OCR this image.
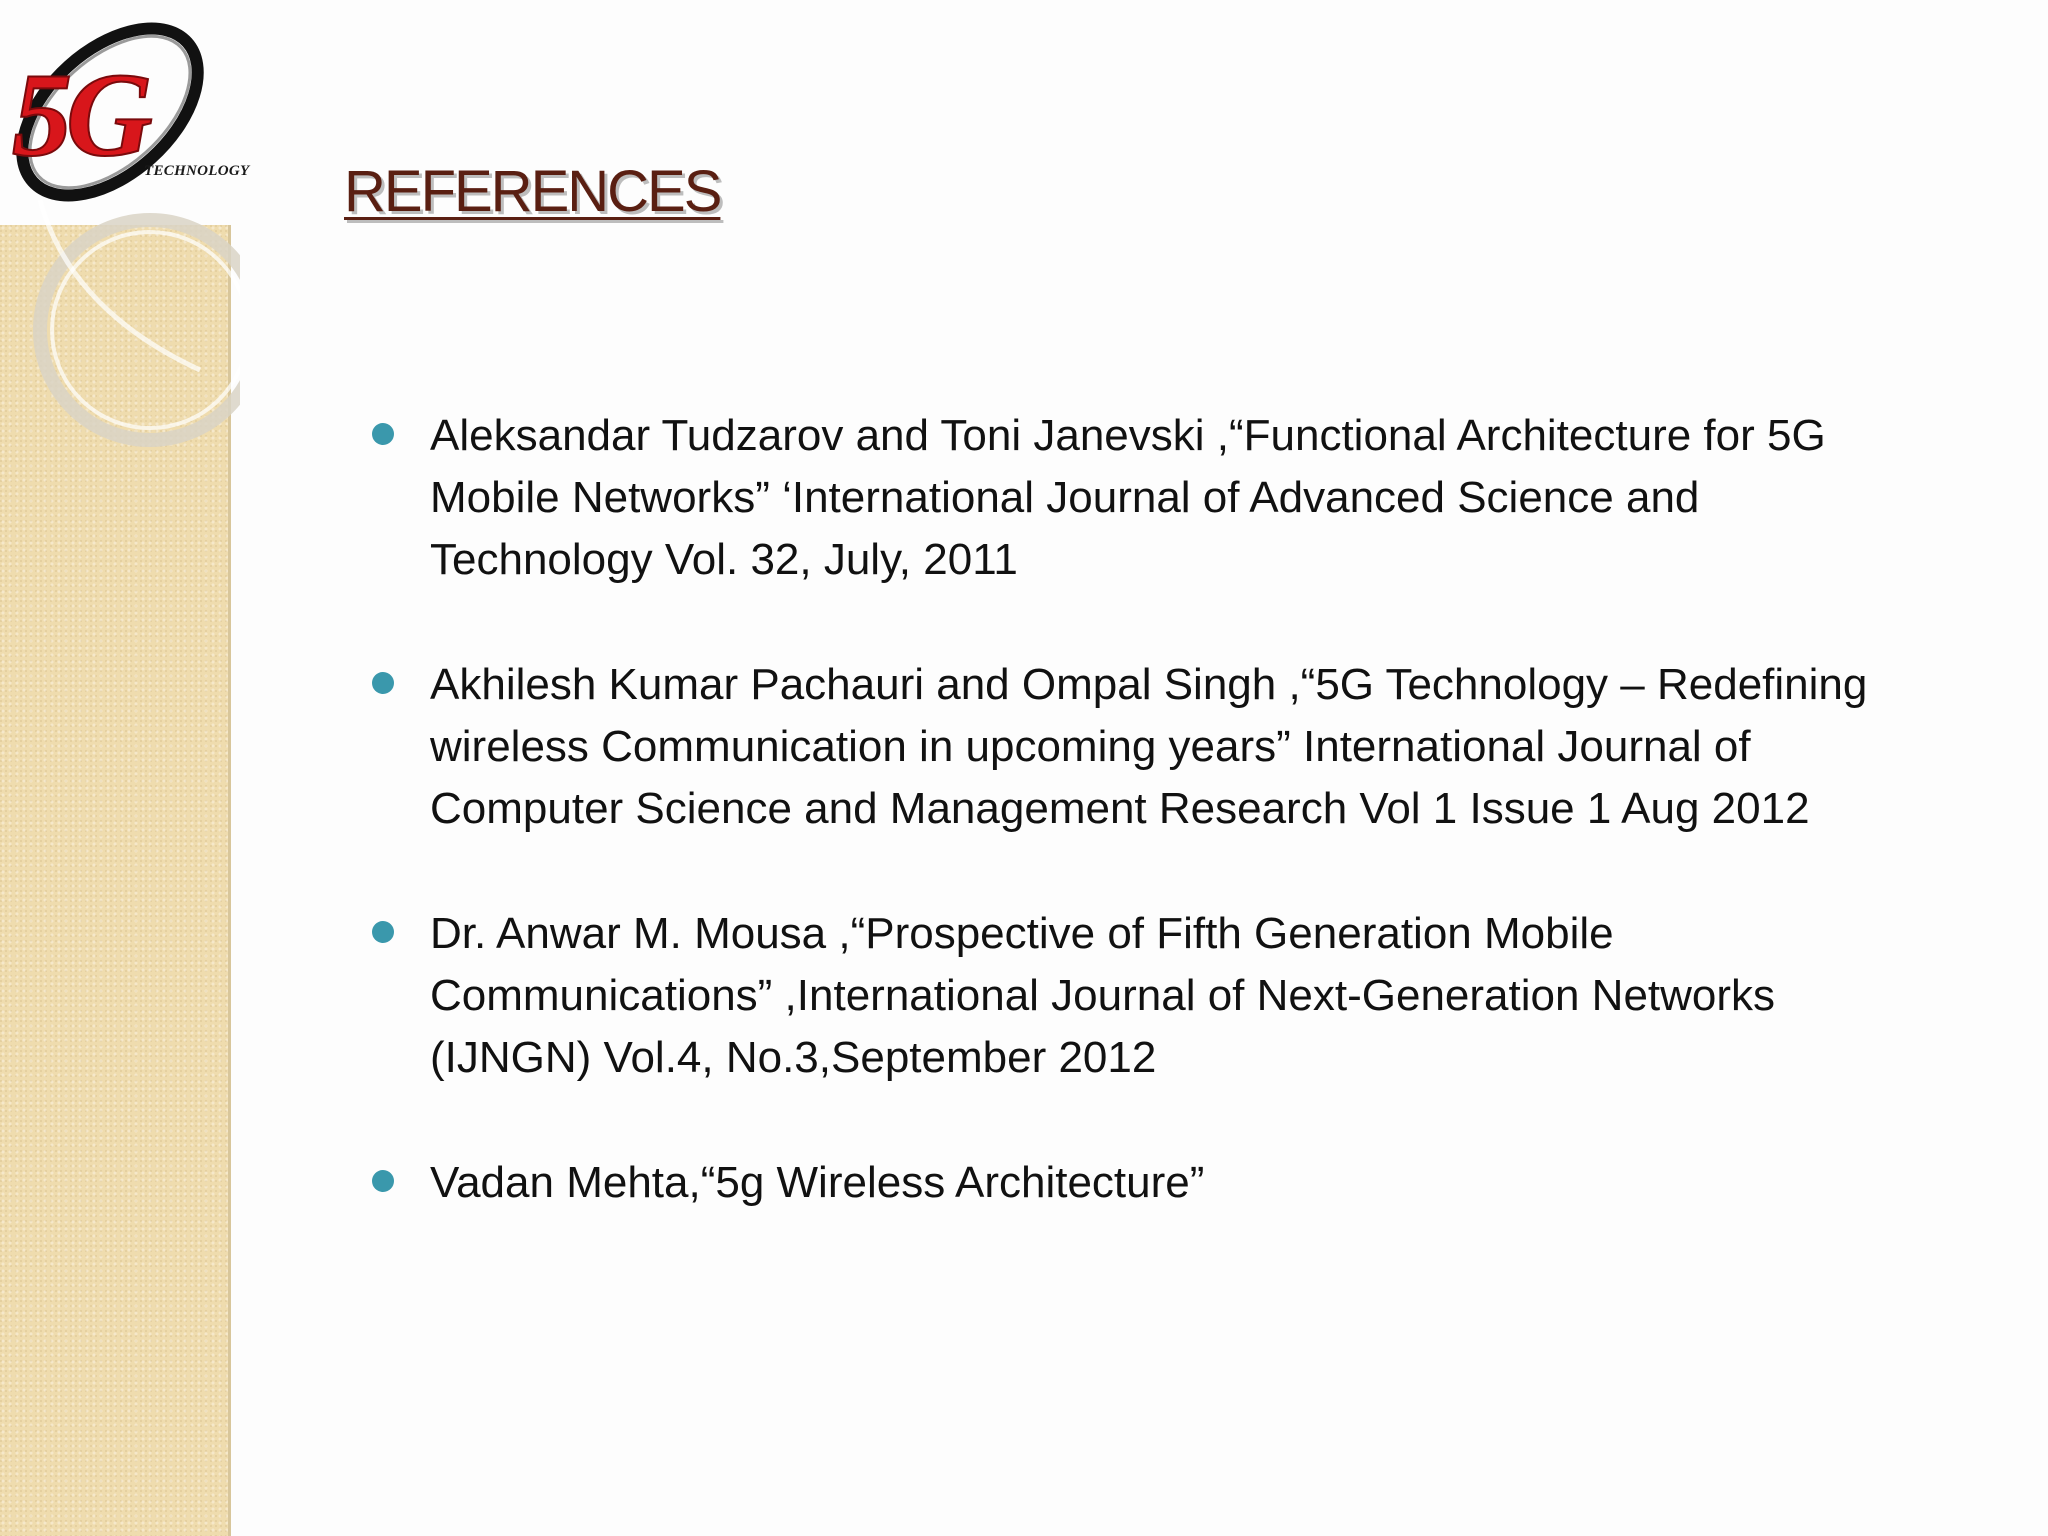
5G
TECHNOLOGY REFERENCES
Aleksandar Tudzarov and Toni Janevski ,“Functional Architecture for 5G
Mobile Networks” ‘International Journal of Advanced Science and
Technology Vol. 32, July, 2011
Akhilesh Kumar Pachauri and Ompal Singh ,“5G Technology – Redefining
wireless Communication in upcoming years” International Journal of
Computer Science and Management Research Vol 1 Issue 1 Aug 2012
Dr. Anwar M. Mousa ,“Prospective of Fifth Generation Mobile
Communications” ,International Journal of Next-Generation Networks
(IJNGN) Vol.4, No.3,September 2012
Vadan Mehta,“5g Wireless Architecture”
